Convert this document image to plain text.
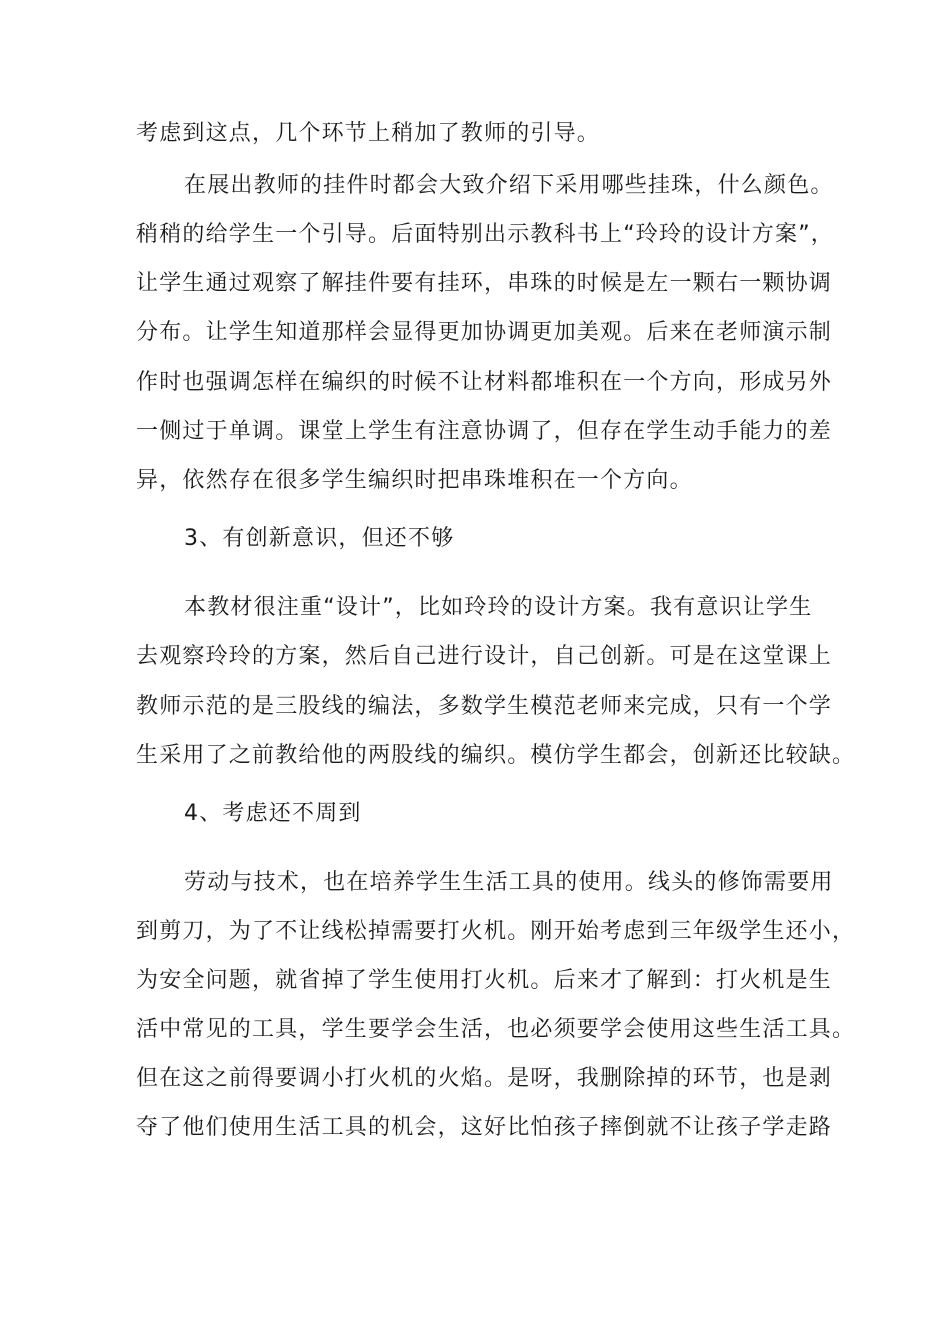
考虑到这点，几个环节上稍加了教师的引导。
在展出教师的挂件时都会大致介绍下采用哪些挂珠，什么颜色。
稍稍的给学生一个引导。后面特别出示教科书上“玲玲的设计方案”，
让学生通过观察了解挂件要有挂环，串珠的时候是左一颗右一颗协调
分布。让学生知道那样会显得更加协调更加美观。后来在老师演示制
作时也强调怎样在编织的时候不让材料都堆积在一个方向，形成另外
一侧过于单调。课堂上学生有注意协调了，但存在学生动手能力的差
异，依然存在很多学生编织时把串珠堆积在一个方向。
3、有创新意识，但还不够
本教材很注重“设计”，比如玲玲的设计方案。我有意识让学生
去观察玲玲的方案，然后自己进行设计，自己创新。可是在这堂课上
教师示范的是三股线的编法，多数学生模范老师来完成，只有一个学
生采用了之前教给他的两股线的编织。模仿学生都会，创新还比较缺。
4、考虑还不周到
劳动与技术，也在培养学生生活工具的使用。线头的修饰需要用
到剪刀，为了不让线松掉需要打火机。刚开始考虑到三年级学生还小，
为安全问题，就省掉了学生使用打火机。后来才了解到：打火机是生
活中常见的工具，学生要学会生活，也必须要学会使用这些生活工具。
但在这之前得要调小打火机的火焰。是呀，我删除掉的环节，也是剥
夺了他们使用生活工具的机会，这好比怕孩子摔倒就不让孩子学走路
